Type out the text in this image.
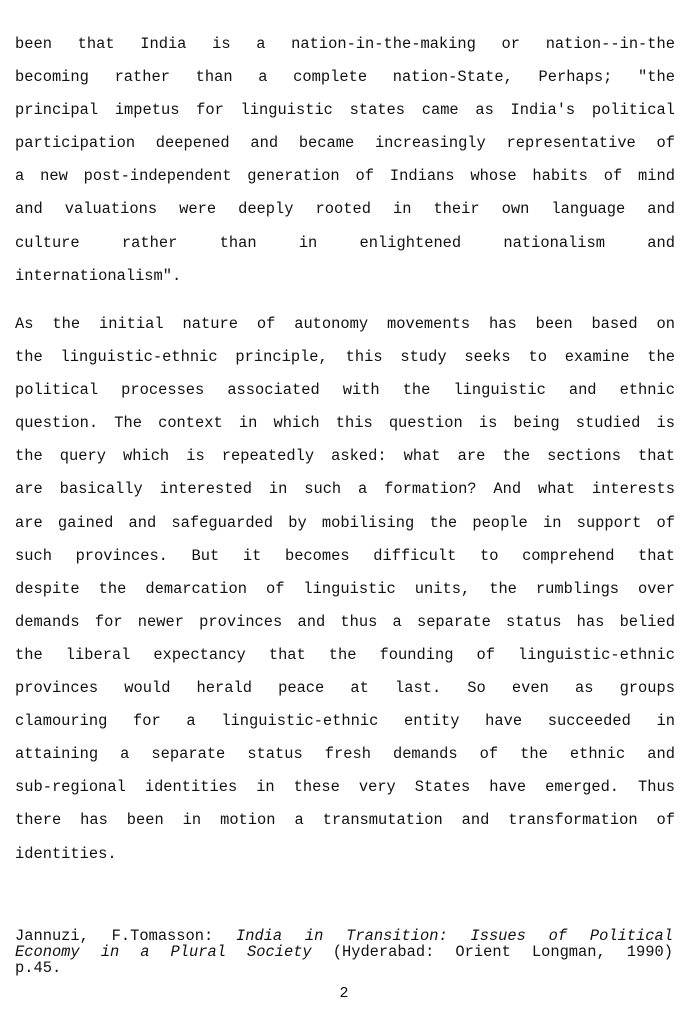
been that India is a nation-in-the-making or nation--in-the
becoming rather than a complete nation-State, Perhaps; "the
principal impetus for linguistic states came as India's political
participation deepened and became increasingly representative of
a new post-independent generation of Indians whose habits of mind
and valuations were deeply rooted in their own language and
culture rather than in enlightened nationalism and
internationalism".
As the initial nature of autonomy movements has been based on
the linguistic-ethnic principle, this study seeks to examine the
political processes associated with the linguistic and ethnic
question. The context in which this question is being studied is
the query which is repeatedly asked: what are the sections that
are basically interested in such a formation? And what interests
are gained and safeguarded by mobilising the people in support of
such provinces. But it becomes difficult to comprehend that
despite the demarcation of linguistic units, the rumblings over
demands for newer provinces and thus a separate status has belied
the liberal expectancy that the founding of linguistic-ethnic
provinces would herald peace at last. So even as groups
clamouring for a linguistic-ethnic entity have succeeded in
attaining a separate status fresh demands of the ethnic and
sub-regional identities in these very States have emerged. Thus
there has been in motion a transmutation and transformation of
identities.
Jannuzi, F.Tomasson: India in Transition: Issues of Political
Economy in a Plural Society (Hyderabad: Orient Longman, 1990)
p.45.
2
